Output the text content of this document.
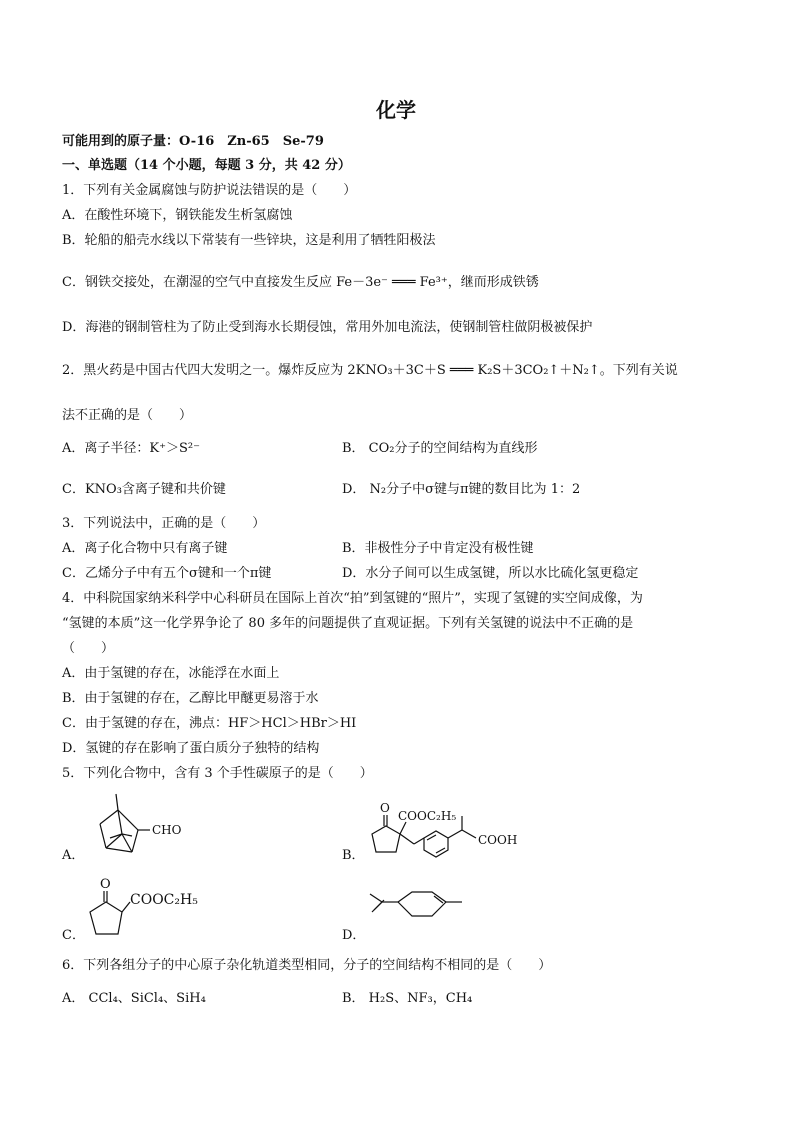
化学
可能用到的原子量：O-16　Zn-65　Se-79
一、单选题（14 个小题，每题 3 分，共 42 分）
1．下列有关金属腐蚀与防护说法错误的是（　　）
A．在酸性环境下，钢铁能发生析氢腐蚀
B．轮船的船壳水线以下常装有一些锌块，这是利用了牺牲阳极法
C．钢铁交接处，在潮湿的空气中直接发生反应 Fe－3e⁻ ═══ Fe³⁺，继而形成铁锈
D．海港的钢制管柱为了防止受到海水长期侵蚀，常用外加电流法，使钢制管柱做阴极被保护
2．黑火药是中国古代四大发明之一。爆炸反应为 2KNO₃＋3C＋S ═══ K₂S＋3CO₂↑＋N₂↑。下列有关说
法不正确的是（　　）
A．离子半径：K⁺＞S²⁻	B． CO₂分子的空间结构为直线形
C．KNO₃含离子键和共价键	D． N₂分子中σ键与π键的数目比为 1：2
3．下列说法中，正确的是（　　）
A．离子化合物中只有离子键	B．非极性分子中肯定没有极性键
C．乙烯分子中有五个σ键和一个π键	D．水分子间可以生成氢键，所以水比硫化氢更稳定
4．中科院国家纳米科学中心科研员在国际上首次“拍”到氢键的“照片”，实现了氢键的实空间成像，为
“氢键的本质”这一化学界争论了 80 多年的问题提供了直观证据。下列有关氢键的说法中不正确的是
（　　）
A．由于氢键的存在，冰能浮在水面上
B．由于氢键的存在，乙醇比甲醚更易溶于水
C．由于氢键的存在，沸点：HF＞HCl＞HBr＞HI
D．氢键的存在影响了蛋白质分子独特的结构
5．下列化合物中，含有 3 个手性碳原子的是（　　）
A．
CHO
B．
O
COOC₂H₅
COOH
C．
O
COOC₂H₅
D．
6．下列各组分子的中心原子杂化轨道类型相同，分子的空间结构不相同的是（　　）
A． CCl₄、SiCl₄、SiH₄	B． H₂S、NF₃，CH₄
